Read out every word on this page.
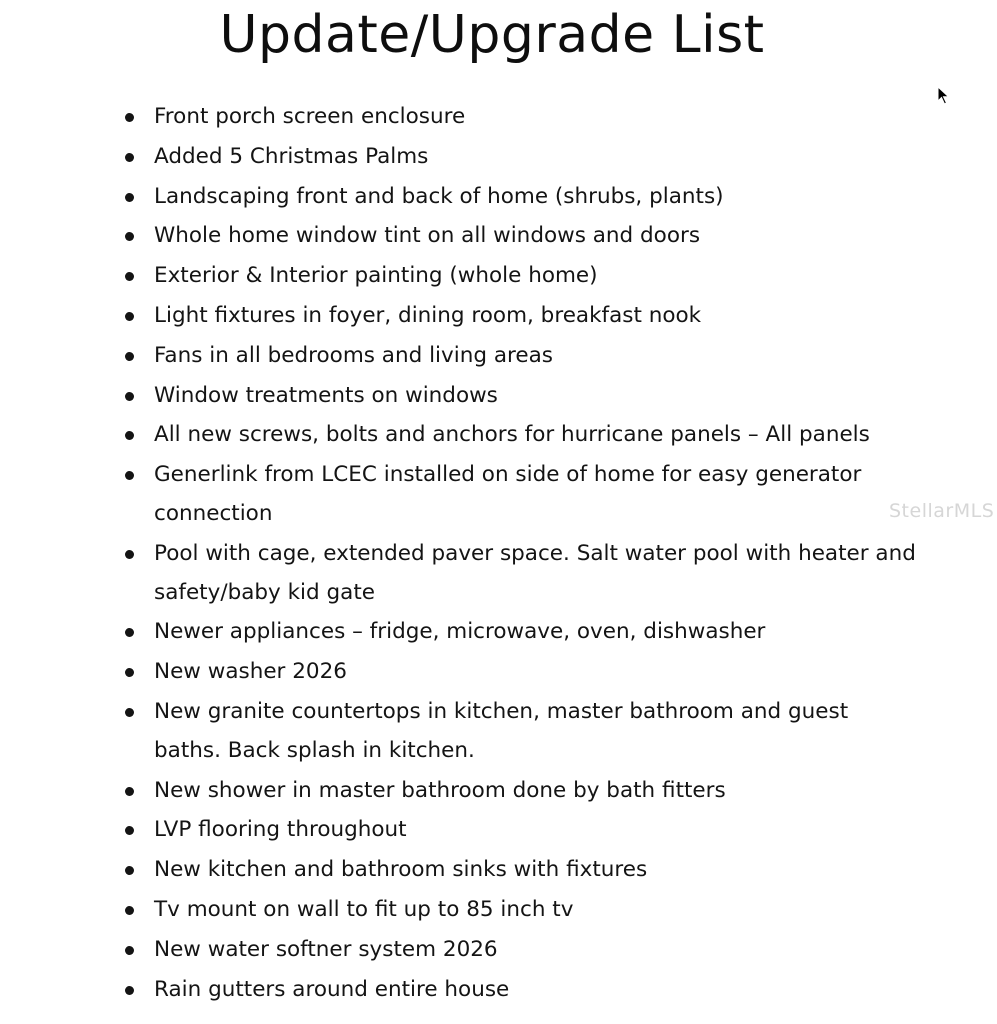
Update/Upgrade List
Front porch screen enclosure
Added 5 Christmas Palms
Landscaping front and back of home (shrubs, plants)
Whole home window tint on all windows and doors
Exterior & Interior painting (whole home)
Light fixtures in foyer, dining room, breakfast nook
Fans in all bedrooms and living areas
Window treatments on windows
All new screws, bolts and anchors for hurricane panels – All panels
Generlink from LCEC installed on side of home for easy generator connection
Pool with cage, extended paver space. Salt water pool with heater and safety/baby kid gate
Newer appliances – fridge, microwave, oven, dishwasher
New washer 2026
New granite countertops in kitchen, master bathroom and guest baths. Back splash in kitchen.
New shower in master bathroom done by bath fitters
LVP flooring throughout
New kitchen and bathroom sinks with fixtures
Tv mount on wall to fit up to 85 inch tv
New water softner system 2026
Rain gutters around entire house
StellarMLS
